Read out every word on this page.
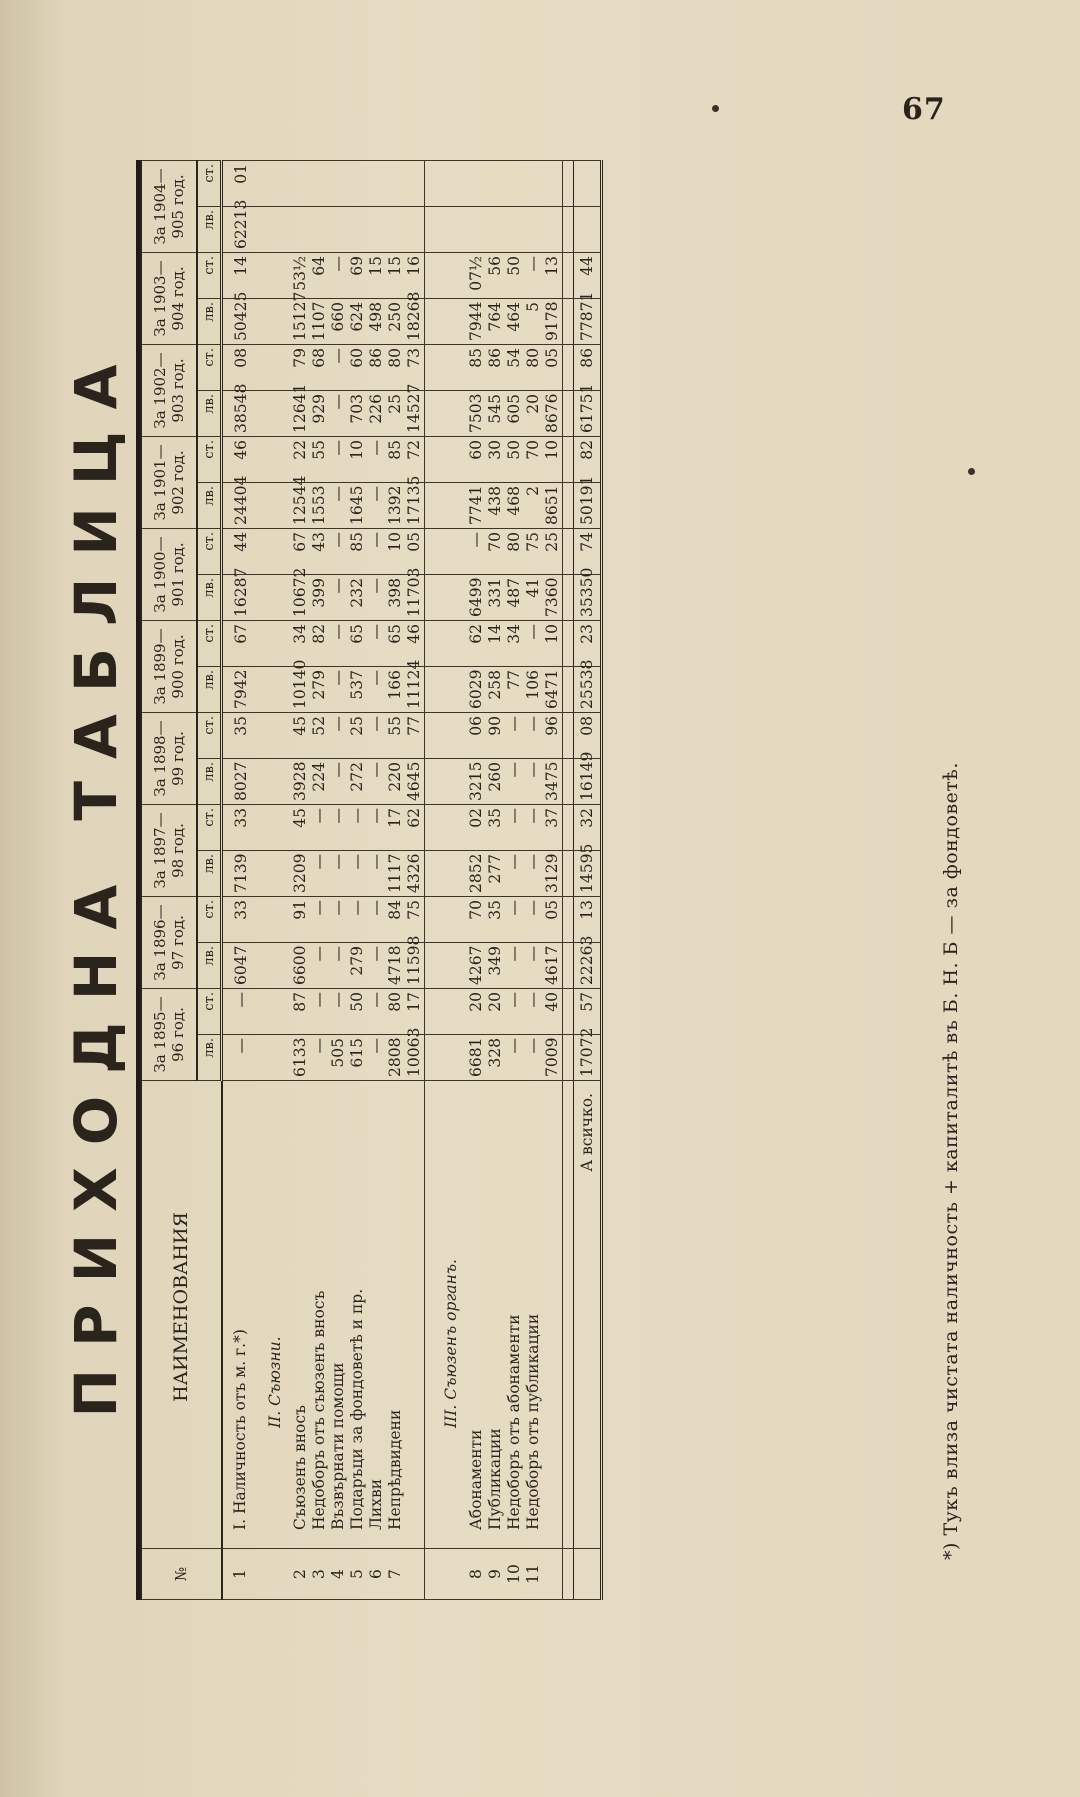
67
ПРИХОДНА ТАБЛИЦА
№	НАИМЕНОВАНИЯ	За 1895—96 год.		За 1896—97 год.		За 1897—98 год.		За 1898—99 год.		За 1899—900 год.		За 1900—901 год.		За 1901—902 год.		За 1902—903 год.		За 1903—904 год.		За 1904—905 год.	
		лв.	ст.	лв.	ст.	лв.	ст.	лв.	ст.	лв.	ст.	лв.	ст.	лв.	ст.	лв.	ст.	лв.	ст.	лв.	ст.
1	I. Наличность отъ м. г.*)	—	—	6047	33	7139	33	8027	35	7942	67	16287	44	24404	46	38548	08	50425	14	62213	01
	II. Съюзни.																				
2	Съюзенъ вносъ	6133	87	6600	91	3209	45	3928	45	10140	34	10672	67	12544	22	12641	79	15127	53½		
3	Недоборъ отъ съюзенъ вносъ	—	—	—	—	—	—	224	52	279	82	399	43	1553	55	929	68	1107	64		
4	Възвърнати помощи	505	—	—	—	—	—	—	—	—	—	—	—	—	—	—	—	660	—		
5	Подаръци за фондоветѣ и пр.	615	50	279	—	—	—	272	25	537	65	232	85	1645	10	703	60	624	69		
6	Лихви	—	—	—	—	—	—	—	—	—	—	—	—	—	—	226	86	498	15		
7	Непрѣдвидени	2808	80	4718	84	1117	17	220	55	166	65	398	10	1392	85	25	80	250	15		
		10063	17	11598	75	4326	62	4645	77	11124	46	11703	05	17135	72	14527	73	18268	16		

	III. Съюзенъ органъ.																				
8	Абонаменти	6681	20	4267	70	2852	02	3215	06	6029	62	6499	—	7741	60	7503	85	7944	07½		
9	Публикации	328	20	349	35	277	35	260	90	258	14	331	70	438	30	545	86	764	56		
10	Недоборъ отъ абонаменти	—	—	—	—	—	—	—	—	77	34	487	80	468	50	605	54	464	50		
11	Недоборъ отъ публикации	—	—	—	—	—	—	—	—	106	—	41	75	2	70	20	80	5	—		
		7009	40	4617	05	3129	37	3475	96	6471	10	7360	25	8651	10	8676	05	9178	13		

	А всичко.	17072	57	22263	13	14595	32	16149	08	25538	23	35350	74	50191	82	61751	86	77871	44		
*) Тукъ влиза чистата наличность + капиталитѣ въ Б. Н. Б — за фондоветѣ.
